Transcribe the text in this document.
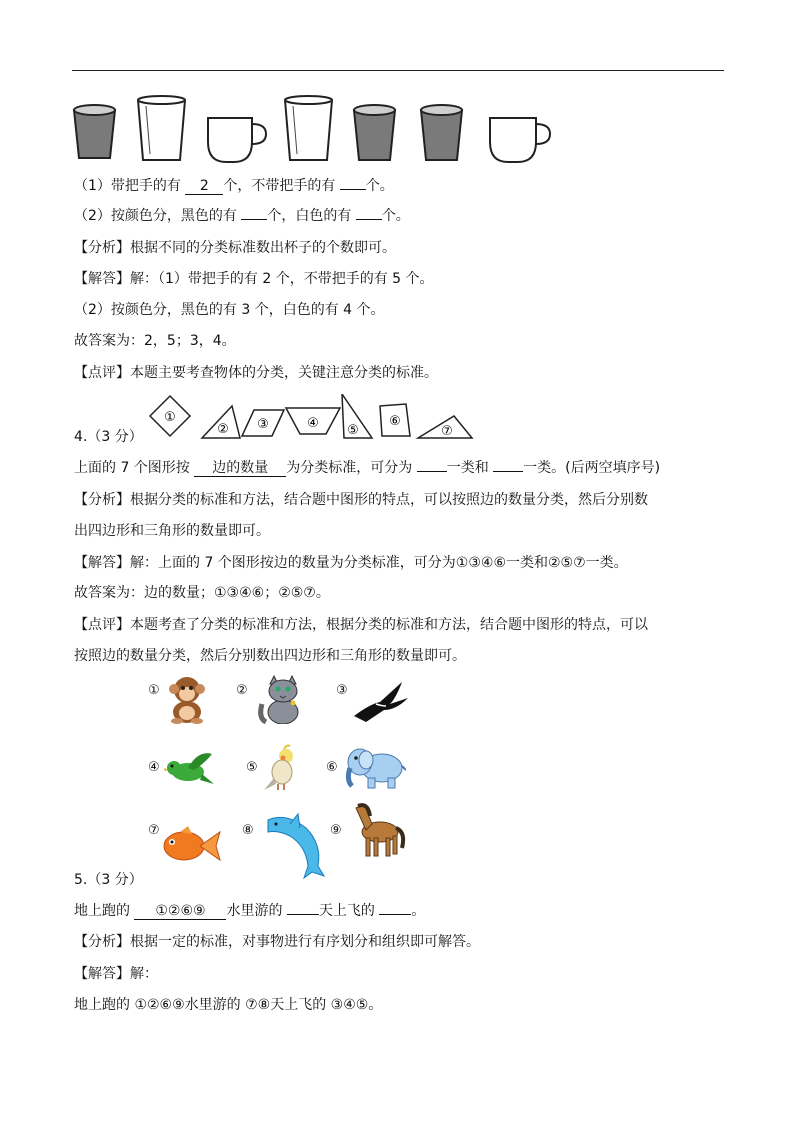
（1）带把手的有 2 个，不带把手的有 个。
（2）按颜色分，黑色的有 个，白色的有 个。
【分析】根据不同的分类标准数出杯子的个数即可。
【解答】解：（1）带把手的有 2 个，不带把手的有 5 个。
（2）按颜色分，黑色的有 3 个，白色的有 4 个。
故答案为：2，5；3，4。
【点评】本题主要考查物体的分类，关键注意分类的标准。
4.（3 分）
①
② ③	④ ⑤
⑥
⑦
上面的 7 个图形按 边的数量 为分类标准，可分为 一类和 一类。(后两空填序号)
【分析】根据分类的标准和方法，结合题中图形的特点，可以按照边的数量分类，然后分别数
出四边形和三角形的数量即可。
【解答】解：上面的 7 个图形按边的数量为分类标准，可分为①③④⑥一类和②⑤⑦一类。
故答案为：边的数量；①③④⑥；②⑤⑦。
【点评】本题考查了分类的标准和方法，根据分类的标准和方法，结合题中图形的特点，可以
按照边的数量分类，然后分别数出四边形和三角形的数量即可。
①	②	③
④	⑤	⑥
⑦	⑧	⑨
5.（3 分）
地上跑的 ①②⑥⑨ 水里游的 天上飞的 。
【分析】根据一定的标准，对事物进行有序划分和组织即可解答。
【解答】解：
地上跑的 ①②⑥⑨水里游的 ⑦⑧天上飞的 ③④⑤。
